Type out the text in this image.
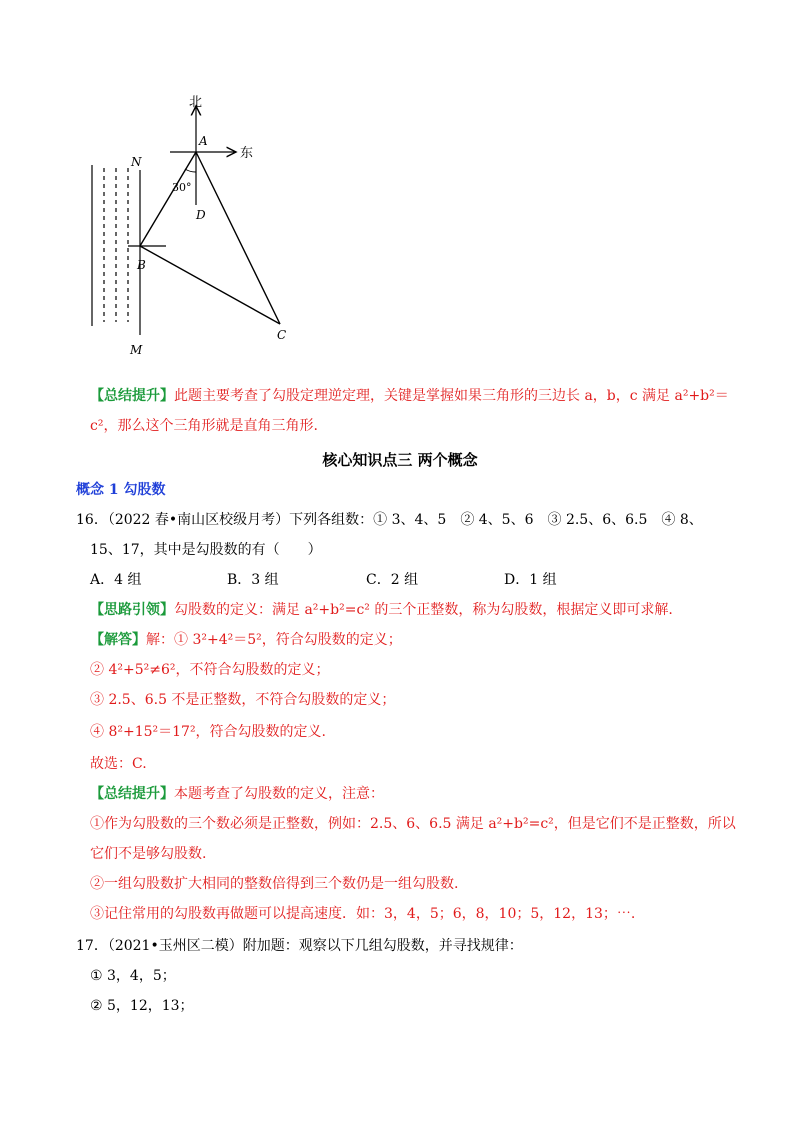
北
东
A
D
N
B
C
M
30°
【总结提升】此题主要考查了勾股定理逆定理，关键是掌握如果三角形的三边长 a，b，c 满足 a²+b²＝
c²，那么这个三角形就是直角三角形.
核心知识点三 两个概念
概念 1 勾股数
16．（2022 春•南山区校级月考）下列各组数：① 3、4、5　② 4、5、6　③ 2.5、6、6.5　④ 8、
15、17，其中是勾股数的有（　　）
A．4 组	B．3 组	C．2 组	D．1 组
【思路引领】勾股数的定义：满足 a²+b²=c² 的三个正整数，称为勾股数，根据定义即可求解.
【解答】解：① 3²+4²＝5²，符合勾股数的定义；
② 4²+5²≠6²，不符合勾股数的定义；
③ 2.5、6.5 不是正整数，不符合勾股数的定义；
④ 8²+15²＝17²，符合勾股数的定义.
故选：C.
【总结提升】本题考查了勾股数的定义，注意：
①作为勾股数的三个数必须是正整数，例如：2.5、6、6.5 满足 a²+b²=c²，但是它们不是正整数，所以
它们不是够勾股数.
②一组勾股数扩大相同的整数倍得到三个数仍是一组勾股数.
③记住常用的勾股数再做题可以提高速度．如：3，4，5；6，8，10；5，12，13；⋯.
17．（2021•玉州区二模）附加题：观察以下几组勾股数，并寻找规律：
① 3，4，5；
② 5，12，13；
